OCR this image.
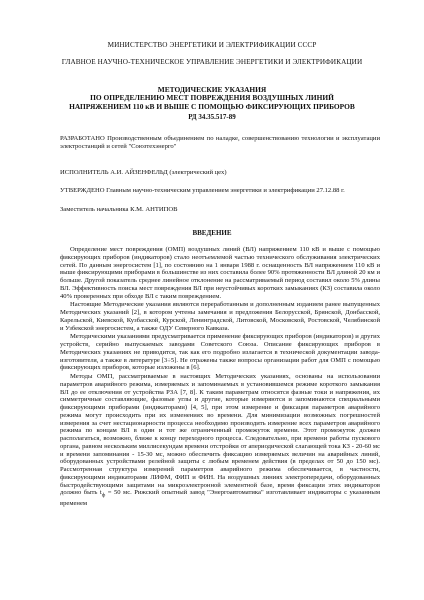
МИНИСТЕРСТВО ЭНЕРГЕТИКИ И ЭЛЕКТРИФИКАЦИИ СССР
ГЛАВНОЕ НАУЧНО-ТЕХНИЧЕСКОЕ УПРАВЛЕНИЕ ЭНЕРГЕТИКИ И ЭЛЕКТРИФИКАЦИИ
МЕТОДИЧЕСКИЕ УКАЗАНИЯ
ПО ОПРЕДЕЛЕНИЮ МЕСТ ПОВРЕЖДЕНИЯ ВОЗДУШНЫХ ЛИНИЙ
НАПРЯЖЕНИЕМ 110 кВ И ВЫШЕ С ПОМОЩЬЮ ФИКСИРУЮЩИХ ПРИБОРОВ
РД 34.35.517-89

РАЗРАБОТАНО Производственным объединением по наладке, совершенствованию технологии и эксплуатации электростанций и сетей "Союзтехэнерго"

ИСПОЛНИТЕЛЬ А.И. АЙЗЕНФЕЛЬД (электрический цех)

УТВЕРЖДЕНО Главным научно-техническим управлением энергетики и электрификации 27.12.88 г.

Заместитель начальника К.М. АНТИПОВ

ВВЕДЕНИЕ

Определение мест повреждения (ОМП) воздушных линий (ВЛ) напряжением 110 кВ и выше с помощью фиксирующих приборов (индикаторов) стало неотъемлемой частью технического обслуживания электрических сетей. По данным энергосистем [1], по состоянию на 1 января 1988 г. оснащенность ВЛ напряжением 110 кВ и выше фиксирующими приборами в большинстве из них составила более 90% протяженности ВЛ длиной 20 км и больше. Другой показатель среднее линейное отклонение на рассматриваемый период составил около 5% длины ВЛ. Эффективность поиска мест повреждения ВЛ при неустойчивых коротких замыканиях (КЗ) составила около 40% проверенных при обходе ВЛ с таким повреждением.

Настоящие Методические указания являются переработанным и дополненным изданием ранее выпущенных Методических указаний [2], в котором учтены замечания и предложения Белорусской, Брянской, Донбасской, Карельской, Киевской, Кузбасской, Курской, Ленинградской, Литовской, Московской, Ростовской, Челябинской и Узбекской энергосистем, а также ОДУ Северного Кавказа.

Методическими указаниями предусматривается применение фиксирующих приборов (индикаторов) и других устройств, серийно выпускаемых заводами Советского Союза. Описание фиксирующих приборов в Методических указаниях не приводится, так как его подробно излагается в технической документации завода-изготовителя, а также в литературе [3÷5]. Не отражены также вопросы организации работ для ОМП с помощью фиксирующих приборов, которые изложены в [6].

Методы ОМП, рассматриваемые в настоящих Методических указаниях, основаны на использовании параметров аварийного режима, измеряемых и запоминаемых в установившемся режиме короткого замыкания ВЛ до ее отключения от устройства РЗА [7, 8]. К таким параметрам относятся фазные токи и напряжения, их симметричные составляющие, фазовые углы и другие, которые измеряются и запоминаются специальными фиксирующими приборами (индикаторами) [4, 5], при этом измерение и фиксация параметров аварийного режима могут происходить при их изменениях во времени. Для минимизации возможных погрешностей измерения за счет нестационарности процесса необходимо производить измерение всех параметров аварийного режима по концам ВЛ в один и тот же ограниченный промежуток времени. Этот промежуток должен располагаться, возможно, ближе к концу переходного процесса. Следовательно, при времени работы пускового органа, равном нескольким миллисекундам времени отстройки от апериодической слагающей тока КЗ - 20-60 мс и времени запоминания - 15-30 мс, можно обеспечить фиксацию измеряемых величин на аварийных линий, оборудованных устройствами релейной защиты с любым временем действия (в пределах от 50 до 150 мс). Рассмотренная структура измерений параметров аварийного режима обеспечивается, в частности, фиксирующими индикаторами ЛИФМ, ФИП и ФИН. На воздушных линиях электропередачи, оборудованных быстродействующими защитами на микроэлектронной элементной базе, время фиксации этих индикаторов должно быть $t_ф = 50$ мс. Рижский опытный завод "Энергоавтоматика" изготавливает индикаторы с указанным временем
